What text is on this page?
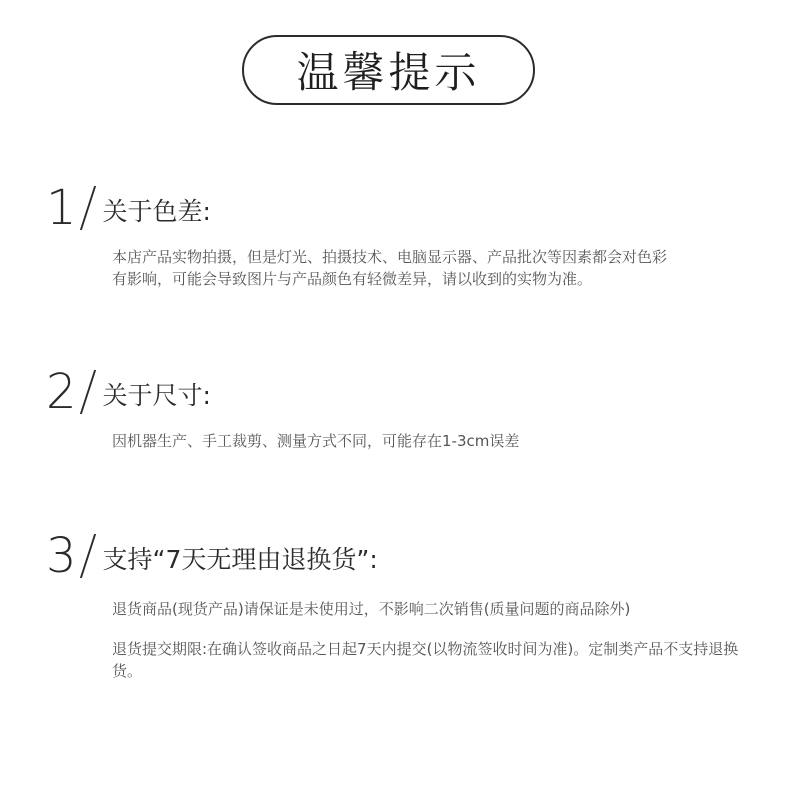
温馨提示
1 关于色差:
本店产品实物拍摄，但是灯光、拍摄技术、电脑显示器、产品批次等因素都会对色彩有影响，可能会导致图片与产品颜色有轻微差异，请以收到的实物为准。
2 关于尺寸:
因机器生产、手工裁剪、测量方式不同，可能存在1-3cm误差
3 支持“7天无理由退换货”:
退货商品(现货产品)请保证是未使用过，不影响二次销售(质量问题的商品除外)
退货提交期限:在确认签收商品之日起7天内提交(以物流签收时间为准)。定制类产品不支持退换货。
